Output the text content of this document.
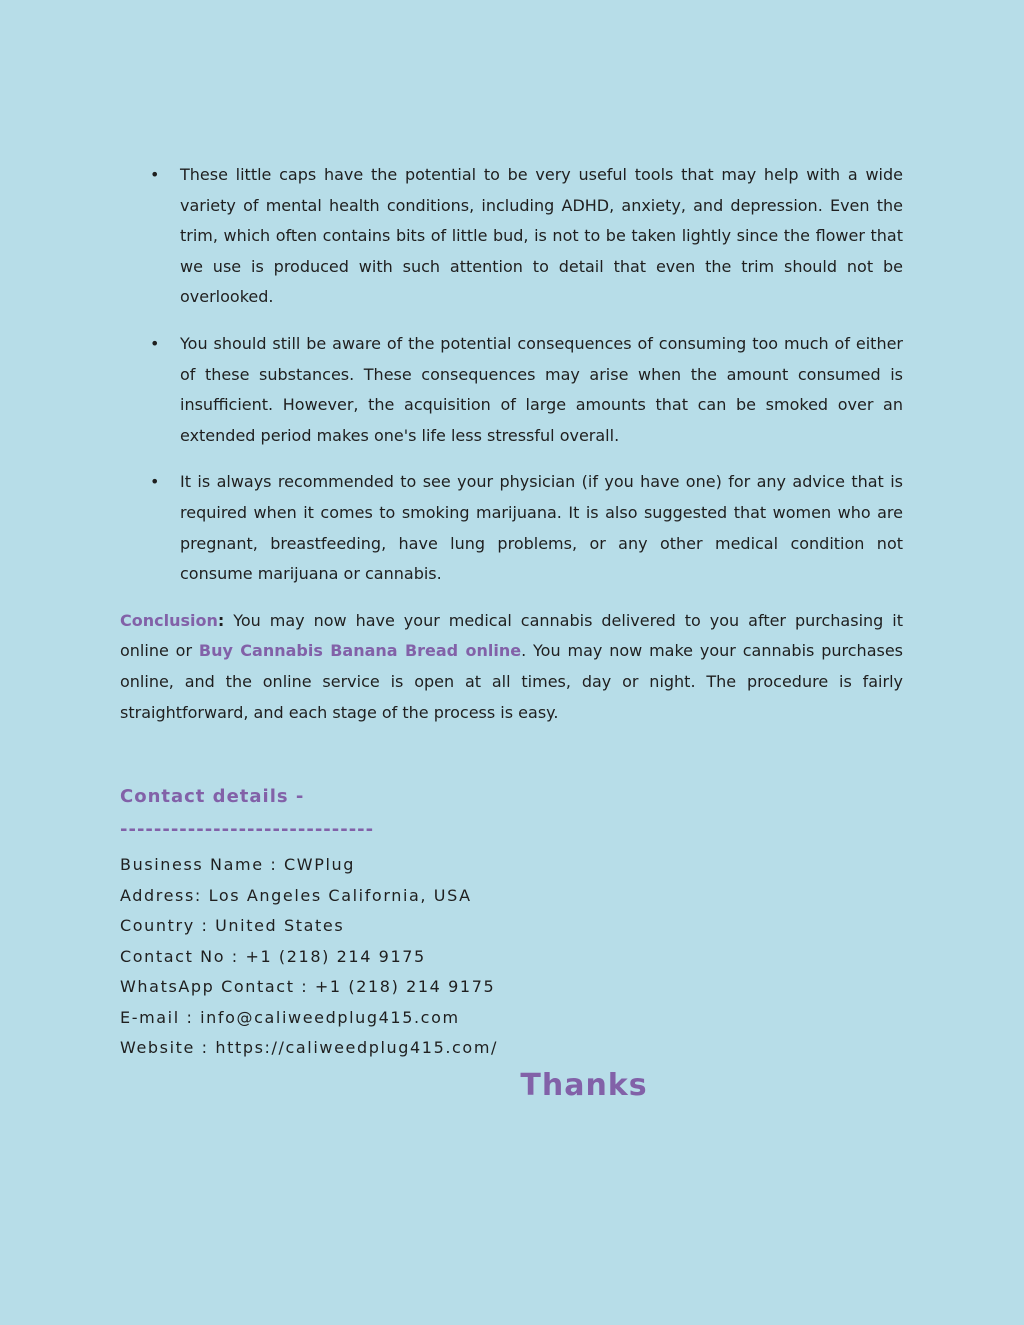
• These little caps have the potential to be very useful tools that may help with a wide variety of mental health conditions, including ADHD, anxiety, and depression. Even the trim, which often contains bits of little bud, is not to be taken lightly since the flower that we use is produced with such attention to detail that even the trim should not be overlooked.
• You should still be aware of the potential consequences of consuming too much of either of these substances. These consequences may arise when the amount consumed is insufficient. However, the acquisition of large amounts that can be smoked over an extended period makes one's life less stressful overall.
• It is always recommended to see your physician (if you have one) for any advice that is required when it comes to smoking marijuana. It is also suggested that women who are pregnant, breastfeeding, have lung problems, or any other medical condition not consume marijuana or cannabis.

Conclusion: You may now have your medical cannabis delivered to you after purchasing it online or Buy Cannabis Banana Bread online. You may now make your cannabis purchases online, and the online service is open at all times, day or night. The procedure is fairly straightforward, and each stage of the process is easy.

Contact details -
------------------------------
Business Name : CWPlug
Address: Los Angeles California, USA
Country : United States
Contact No : +1 (218) 214 9175
WhatsApp Contact : +1 (218) 214 9175
E-mail : info@caliweedplug415.com
Website : https://caliweedplug415.com/
Thanks
